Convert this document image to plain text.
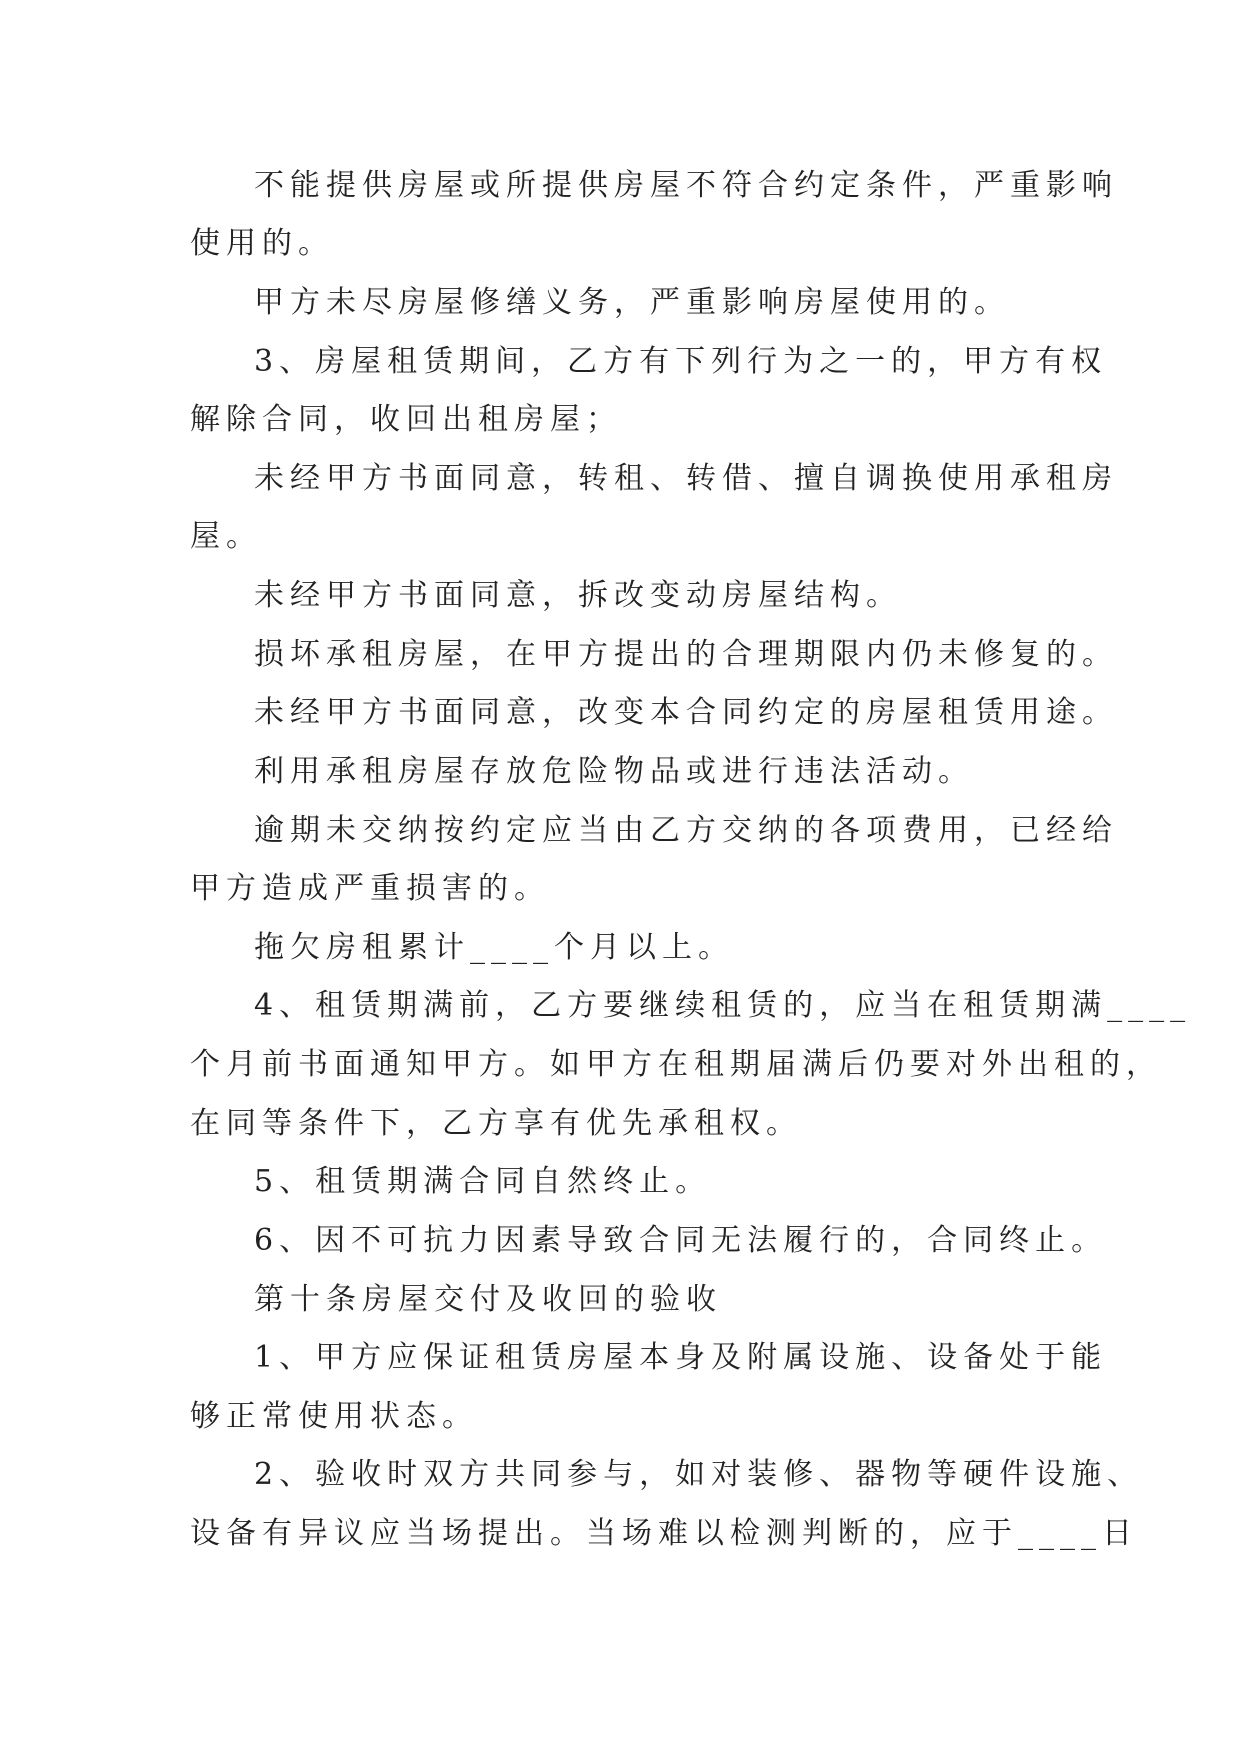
不能提供房屋或所提供房屋不符合约定条件，严重影响
使用的。
甲方未尽房屋修缮义务，严重影响房屋使用的。
3、房屋租赁期间，乙方有下列行为之一的，甲方有权
解除合同，收回出租房屋；
未经甲方书面同意，转租、转借、擅自调换使用承租房
屋。
未经甲方书面同意，拆改变动房屋结构。
损坏承租房屋，在甲方提出的合理期限内仍未修复的。
未经甲方书面同意，改变本合同约定的房屋租赁用途。
利用承租房屋存放危险物品或进行违法活动。
逾期未交纳按约定应当由乙方交纳的各项费用，已经给
甲方造成严重损害的。
拖欠房租累计____个月以上。
4、租赁期满前，乙方要继续租赁的，应当在租赁期满____
个月前书面通知甲方。如甲方在租期届满后仍要对外出租的，
在同等条件下，乙方享有优先承租权。
5、租赁期满合同自然终止。
6、因不可抗力因素导致合同无法履行的，合同终止。
第十条房屋交付及收回的验收
1、甲方应保证租赁房屋本身及附属设施、设备处于能
够正常使用状态。
2、验收时双方共同参与，如对装修、器物等硬件设施、
设备有异议应当场提出。当场难以检测判断的，应于____日
